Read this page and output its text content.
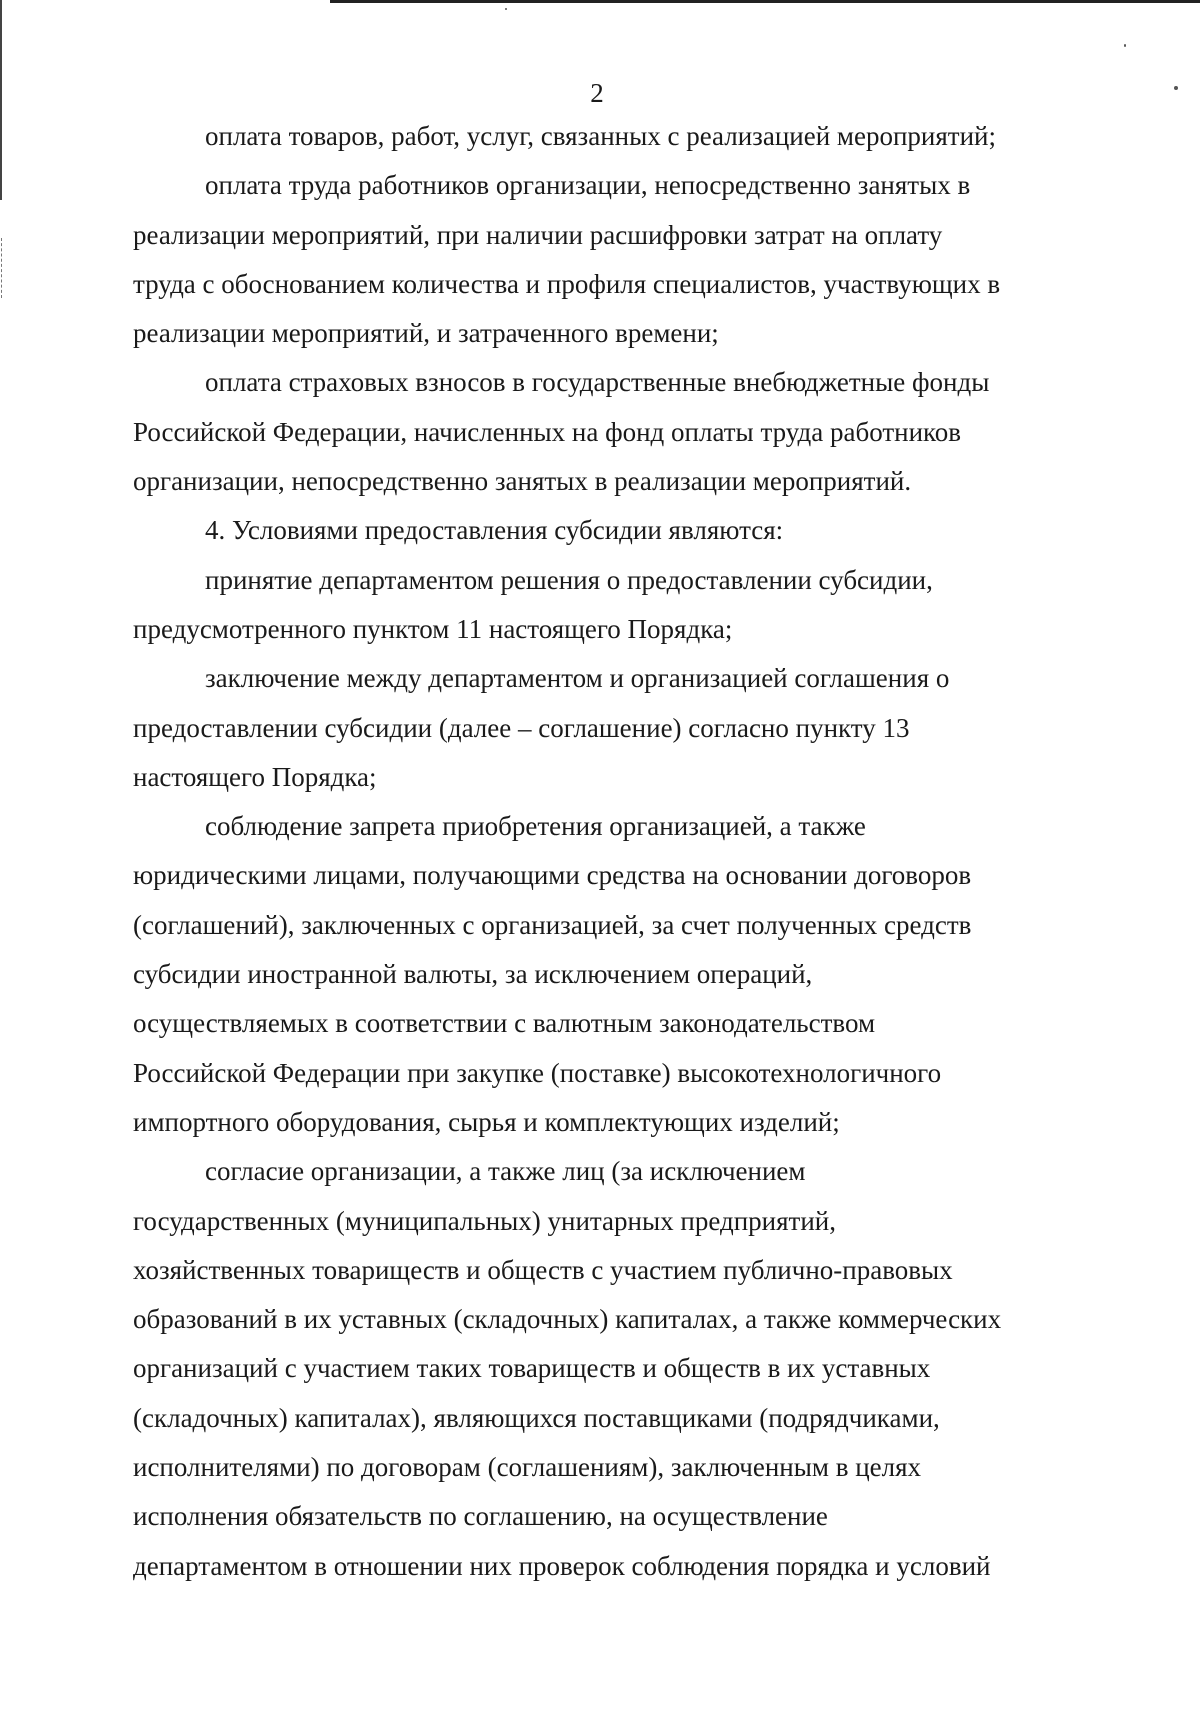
2

оплата товаров, работ, услуг, связанных с реализацией мероприятий;

оплата труда работников организации, непосредственно занятых в
реализации мероприятий, при наличии расшифровки затрат на оплату
труда с обоснованием количества и профиля специалистов, участвующих в
реализации мероприятий, и затраченного времени;

оплата страховых взносов в государственные внебюджетные фонды
Российской Федерации, начисленных на фонд оплаты труда работников
организации, непосредственно занятых в реализации мероприятий.

4. Условиями предоставления субсидии являются:

принятие департаментом решения о предоставлении субсидии,
предусмотренного пунктом 11 настоящего Порядка;

заключение между департаментом и организацией соглашения о
предоставлении субсидии (далее – соглашение) согласно пункту 13
настоящего Порядка;

соблюдение запрета приобретения организацией, а также
юридическими лицами, получающими средства на основании договоров
(соглашений), заключенных с организацией, за счет полученных средств
субсидии иностранной валюты, за исключением операций,
осуществляемых в соответствии с валютным законодательством
Российской Федерации при закупке (поставке) высокотехнологичного
импортного оборудования, сырья и комплектующих изделий;

согласие организации, а также лиц (за исключением
государственных (муниципальных) унитарных предприятий,
хозяйственных товариществ и обществ с участием публично-правовых
образований в их уставных (складочных) капиталах, а также коммерческих
организаций с участием таких товариществ и обществ в их уставных
(складочных) капиталах), являющихся поставщиками (подрядчиками,
исполнителями) по договорам (соглашениям), заключенным в целях
исполнения обязательств по соглашению, на осуществление
департаментом в отношении них проверок соблюдения порядка и условий
